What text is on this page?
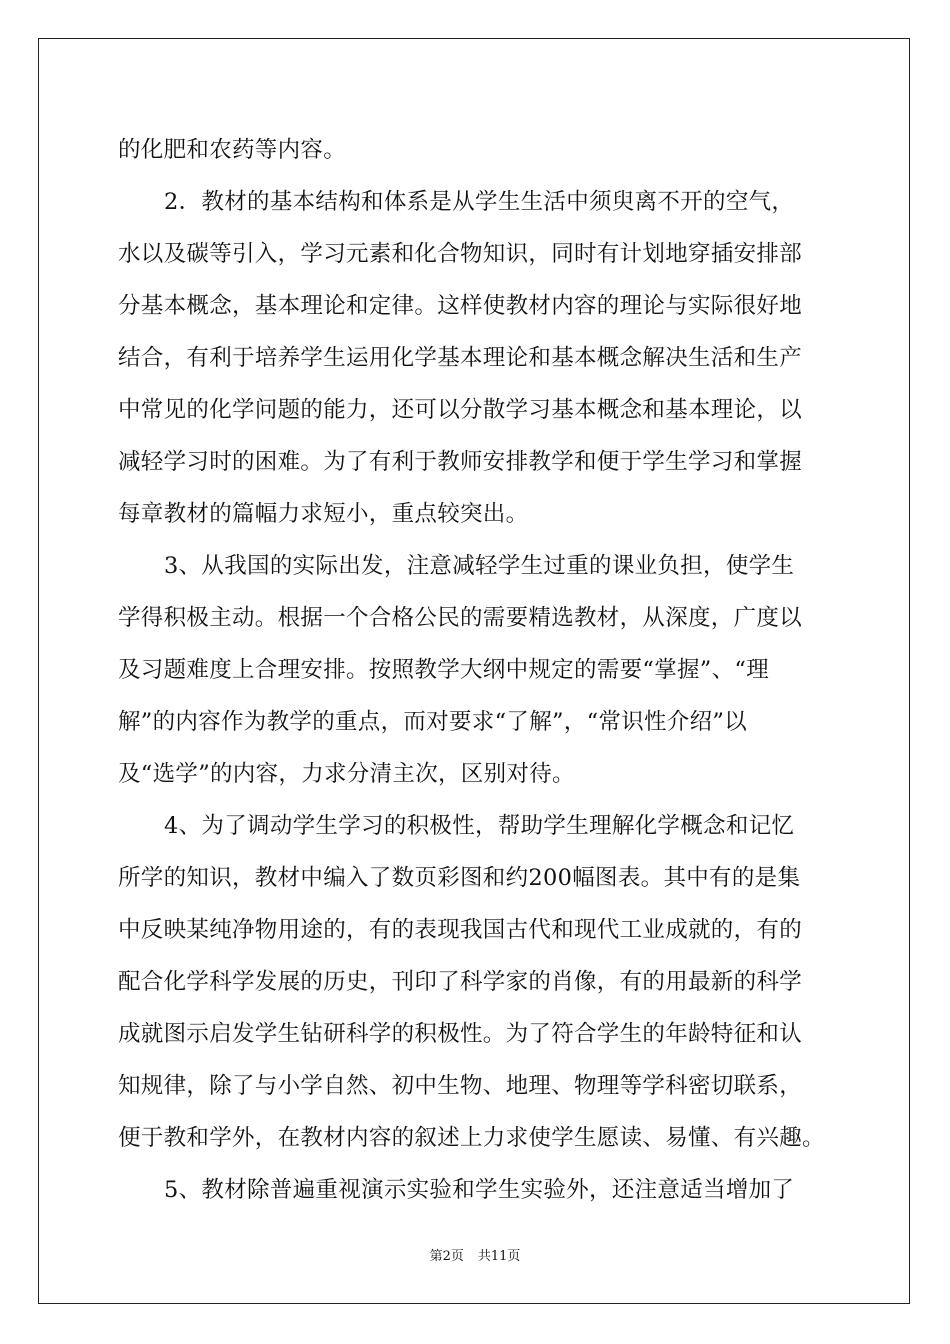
的化肥和农药等内容。
2．教材的基本结构和体系是从学生生活中须臾离不开的空气，
水以及碳等引入，学习元素和化合物知识，同时有计划地穿插安排部
分基本概念，基本理论和定律。这样使教材内容的理论与实际很好地
结合，有利于培养学生运用化学基本理论和基本概念解决生活和生产
中常见的化学问题的能力，还可以分散学习基本概念和基本理论，以
减轻学习时的困难。为了有利于教师安排教学和便于学生学习和掌握
每章教材的篇幅力求短小，重点较突出。
3、从我国的实际出发，注意减轻学生过重的课业负担，使学生
学得积极主动。根据一个合格公民的需要精选教材，从深度，广度以
及习题难度上合理安排。按照教学大纲中规定的需要“掌握”、“理
解”的内容作为教学的重点，而对要求“了解”，“常识性介绍”以
及“选学”的内容，力求分清主次，区别对待。
4、为了调动学生学习的积极性，帮助学生理解化学概念和记忆
所学的知识，教材中编入了数页彩图和约200幅图表。其中有的是集
中反映某纯净物用途的，有的表现我国古代和现代工业成就的，有的
配合化学科学发展的历史，刊印了科学家的肖像，有的用最新的科学
成就图示启发学生钻研科学的积极性。为了符合学生的年龄特征和认
知规律，除了与小学自然、初中生物、地理、物理等学科密切联系，
便于教和学外，在教材内容的叙述上力求使学生愿读、易懂、有兴趣。
5、教材除普遍重视演示实验和学生实验外，还注意适当增加了
第2页 共11页
